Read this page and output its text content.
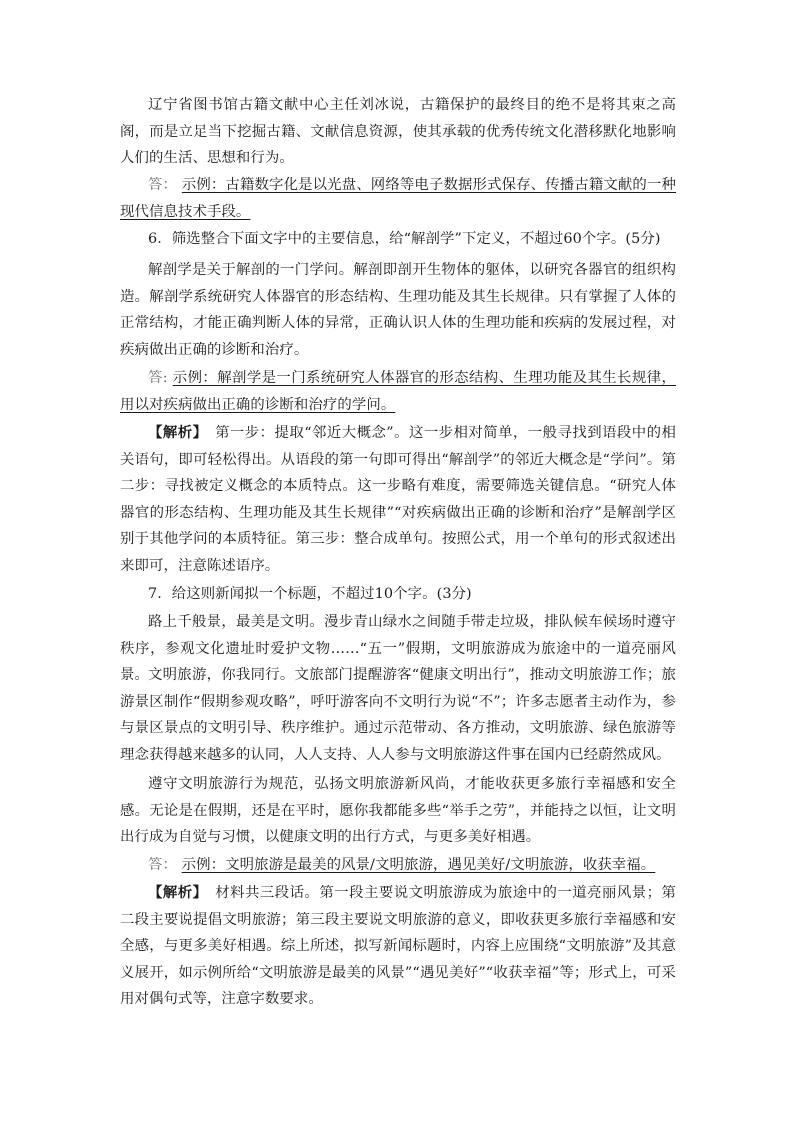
辽宁省图书馆古籍文献中心主任刘冰说，古籍保护的最终目的绝不是将其束之高阁，而是立足当下挖掘古籍、文献信息资源，使其承载的优秀传统文化潜移默化地影响人们的生活、思想和行为。

答： 示例：古籍数字化是以光盘、网络等电子数据形式保存、传播古籍文献的一种现代信息技术手段。

6．筛选整合下面文字中的主要信息，给“解剖学”下定义，不超过60个字。(5分)

解剖学是关于解剖的一门学问。解剖即剖开生物体的躯体，以研究各器官的组织构造。解剖学系统研究人体器官的形态结构、生理功能及其生长规律。只有掌握了人体的正常结构，才能正确判断人体的异常，正确认识人体的生理功能和疾病的发展过程，对疾病做出正确的诊断和治疗。

答: 示例：解剖学是一门系统研究人体器官的形态结构、生理功能及其生长规律，用以对疾病做出正确的诊断和治疗的学问。

【解析】　 第一步：提取“邻近大概念”。这一步相对简单，一般寻找到语段中的相关语句，即可轻松得出。从语段的第一句即可得出“解剖学”的邻近大概念是“学问”。第二步：寻找被定义概念的本质特点。这一步略有难度，需要筛选关键信息。“研究人体器官的形态结构、生理功能及其生长规律”“对疾病做出正确的诊断和治疗”是解剖学区别于其他学问的本质特征。第三步：整合成单句。按照公式，用一个单句的形式叙述出来即可，注意陈述语序。

7．给这则新闻拟一个标题，不超过10个字。(3分)

路上千般景，最美是文明。漫步青山绿水之间随手带走垃圾，排队候车候场时遵守秩序，参观文化遗址时爱护文物……“五一”假期，文明旅游成为旅途中的一道亮丽风景。 文明旅游，你我同行。文旅部门提醒游客“健康文明出行”，推动文明旅游工作；旅游景区制作“假期参观攻略”，呼吁游客向不文明行为说“不”；许多志愿者主动作为，参与景区景点的文明引导、秩序维护。通过示范带动、各方推动，文明旅游、绿色旅游等理念获得越来越多的认同，人人支持、人人参与文明旅游这件事在国内已经蔚然成风。

遵守文明旅游行为规范，弘扬文明旅游新风尚，才能收获更多旅行幸福感和安全感。无论是在假期，还是在平时，愿你我都能多些“举手之劳”，并能持之以恒，让文明出行成为自觉与习惯，以健康文明的出行方式，与更多美好相遇。

答： 示例：文明旅游是最美的风景/文明旅游，遇见美好/文明旅游，收获幸福。

【解析】　 材料共三段话。第一段主要说文明旅游成为旅途中的一道亮丽风景；第二段主要说提倡文明旅游；第三段主要说文明旅游的意义，即收获更多旅行幸福感和安全感，与更多美好相遇。综上所述，拟写新闻标题时，内容上应围绕“文明旅游”及其意义展开，如示例所给“文明旅游是最美的风景”“遇见美好”“收获幸福”等；形式上，可采用对偶句式等，注意字数要求。
